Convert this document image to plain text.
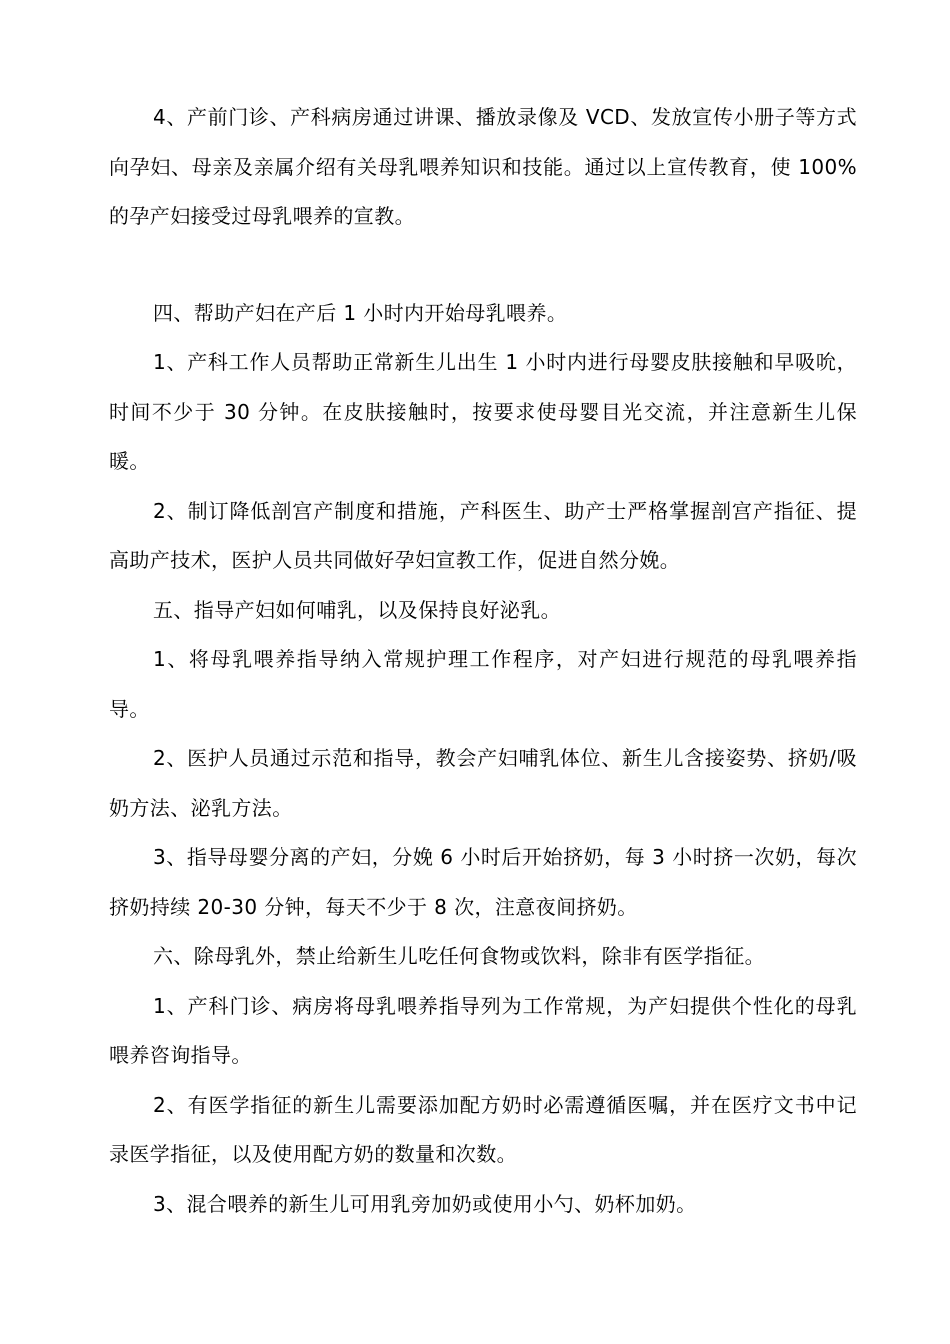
4、产前门诊、产科病房通过讲课、播放录像及 VCD、发放宣传小册子等方式向孕妇、母亲及亲属介绍有关母乳喂养知识和技能。通过以上宣传教育，使 100%的孕产妇接受过母乳喂养的宣教。

四、帮助产妇在产后 1 小时内开始母乳喂养。

1、产科工作人员帮助正常新生儿出生 1 小时内进行母婴皮肤接触和早吸吮，时间不少于 30 分钟。在皮肤接触时，按要求使母婴目光交流，并注意新生儿保暖。

2、制订降低剖宫产制度和措施，产科医生、助产士严格掌握剖宫产指征、提高助产技术，医护人员共同做好孕妇宣教工作，促进自然分娩。

五、指导产妇如何哺乳，以及保持良好泌乳。

1、将母乳喂养指导纳入常规护理工作程序，对产妇进行规范的母乳喂养指导。

2、医护人员通过示范和指导，教会产妇哺乳体位、新生儿含接姿势、挤奶/吸奶方法、泌乳方法。

3、指导母婴分离的产妇，分娩 6 小时后开始挤奶，每 3 小时挤一次奶，每次挤奶持续 20-30 分钟，每天不少于 8 次，注意夜间挤奶。

六、除母乳外，禁止给新生儿吃任何食物或饮料，除非有医学指征。

1、产科门诊、病房将母乳喂养指导列为工作常规，为产妇提供个性化的母乳喂养咨询指导。

2、有医学指征的新生儿需要添加配方奶时必需遵循医嘱，并在医疗文书中记录医学指征，以及使用配方奶的数量和次数。

3、混合喂养的新生儿可用乳旁加奶或使用小勺、奶杯加奶。
